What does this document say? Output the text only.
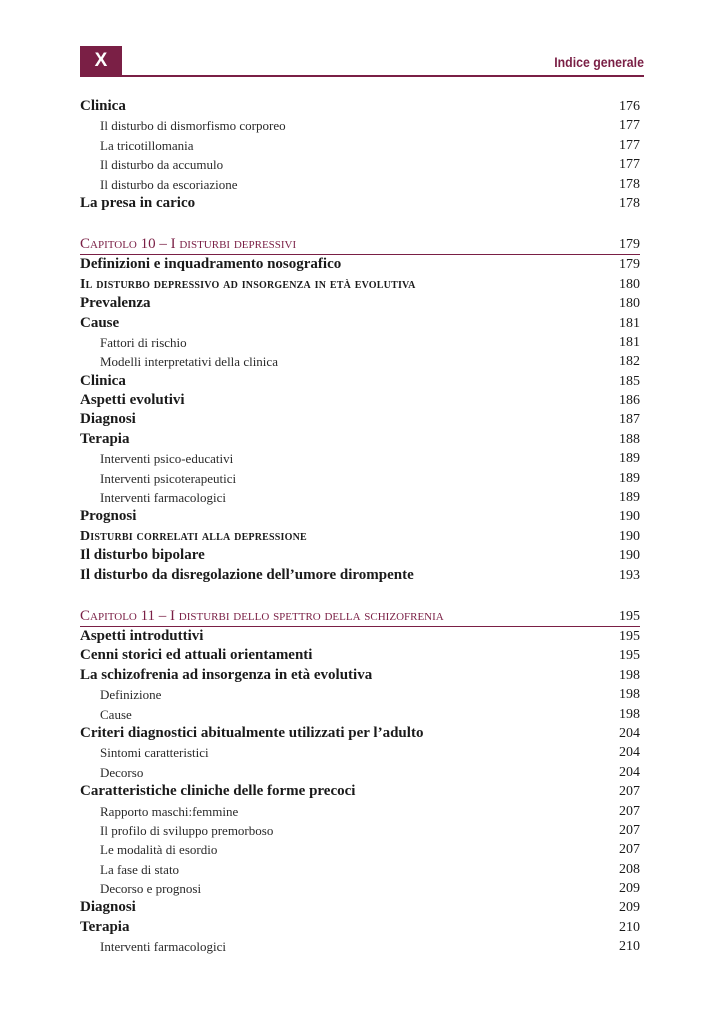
X	Indice generale
Clinica	176
Il disturbo di dismorfismo corporeo	177
La tricotillomania	177
Il disturbo da accumulo	177
Il disturbo da escoriazione	178
La presa in carico	178
Capitolo 10 – I disturbi depressivi	179
Definizioni e inquadramento nosografico	179
Il disturbo depressivo ad insorgenza in età evolutiva	180
Prevalenza	180
Cause	181
Fattori di rischio	181
Modelli interpretativi della clinica	182
Clinica	185
Aspetti evolutivi	186
Diagnosi	187
Terapia	188
Interventi psico-educativi	189
Interventi psicoterapeutici	189
Interventi farmacologici	189
Prognosi	190
Disturbi correlati alla depressione	190
Il disturbo bipolare	190
Il disturbo da disregolazione dell’umore dirompente	193
Capitolo 11 – I disturbi dello spettro della schizofrenia	195
Aspetti introduttivi	195
Cenni storici ed attuali orientamenti	195
La schizofrenia ad insorgenza in età evolutiva	198
Definizione	198
Cause	198
Criteri diagnostici abitualmente utilizzati per l’adulto	204
Sintomi caratteristici	204
Decorso	204
Caratteristiche cliniche delle forme precoci	207
Rapporto maschi:femmine	207
Il profilo di sviluppo premorboso	207
Le modalità di esordio	207
La fase di stato	208
Decorso e prognosi	209
Diagnosi	209
Terapia	210
Interventi farmacologici	210
